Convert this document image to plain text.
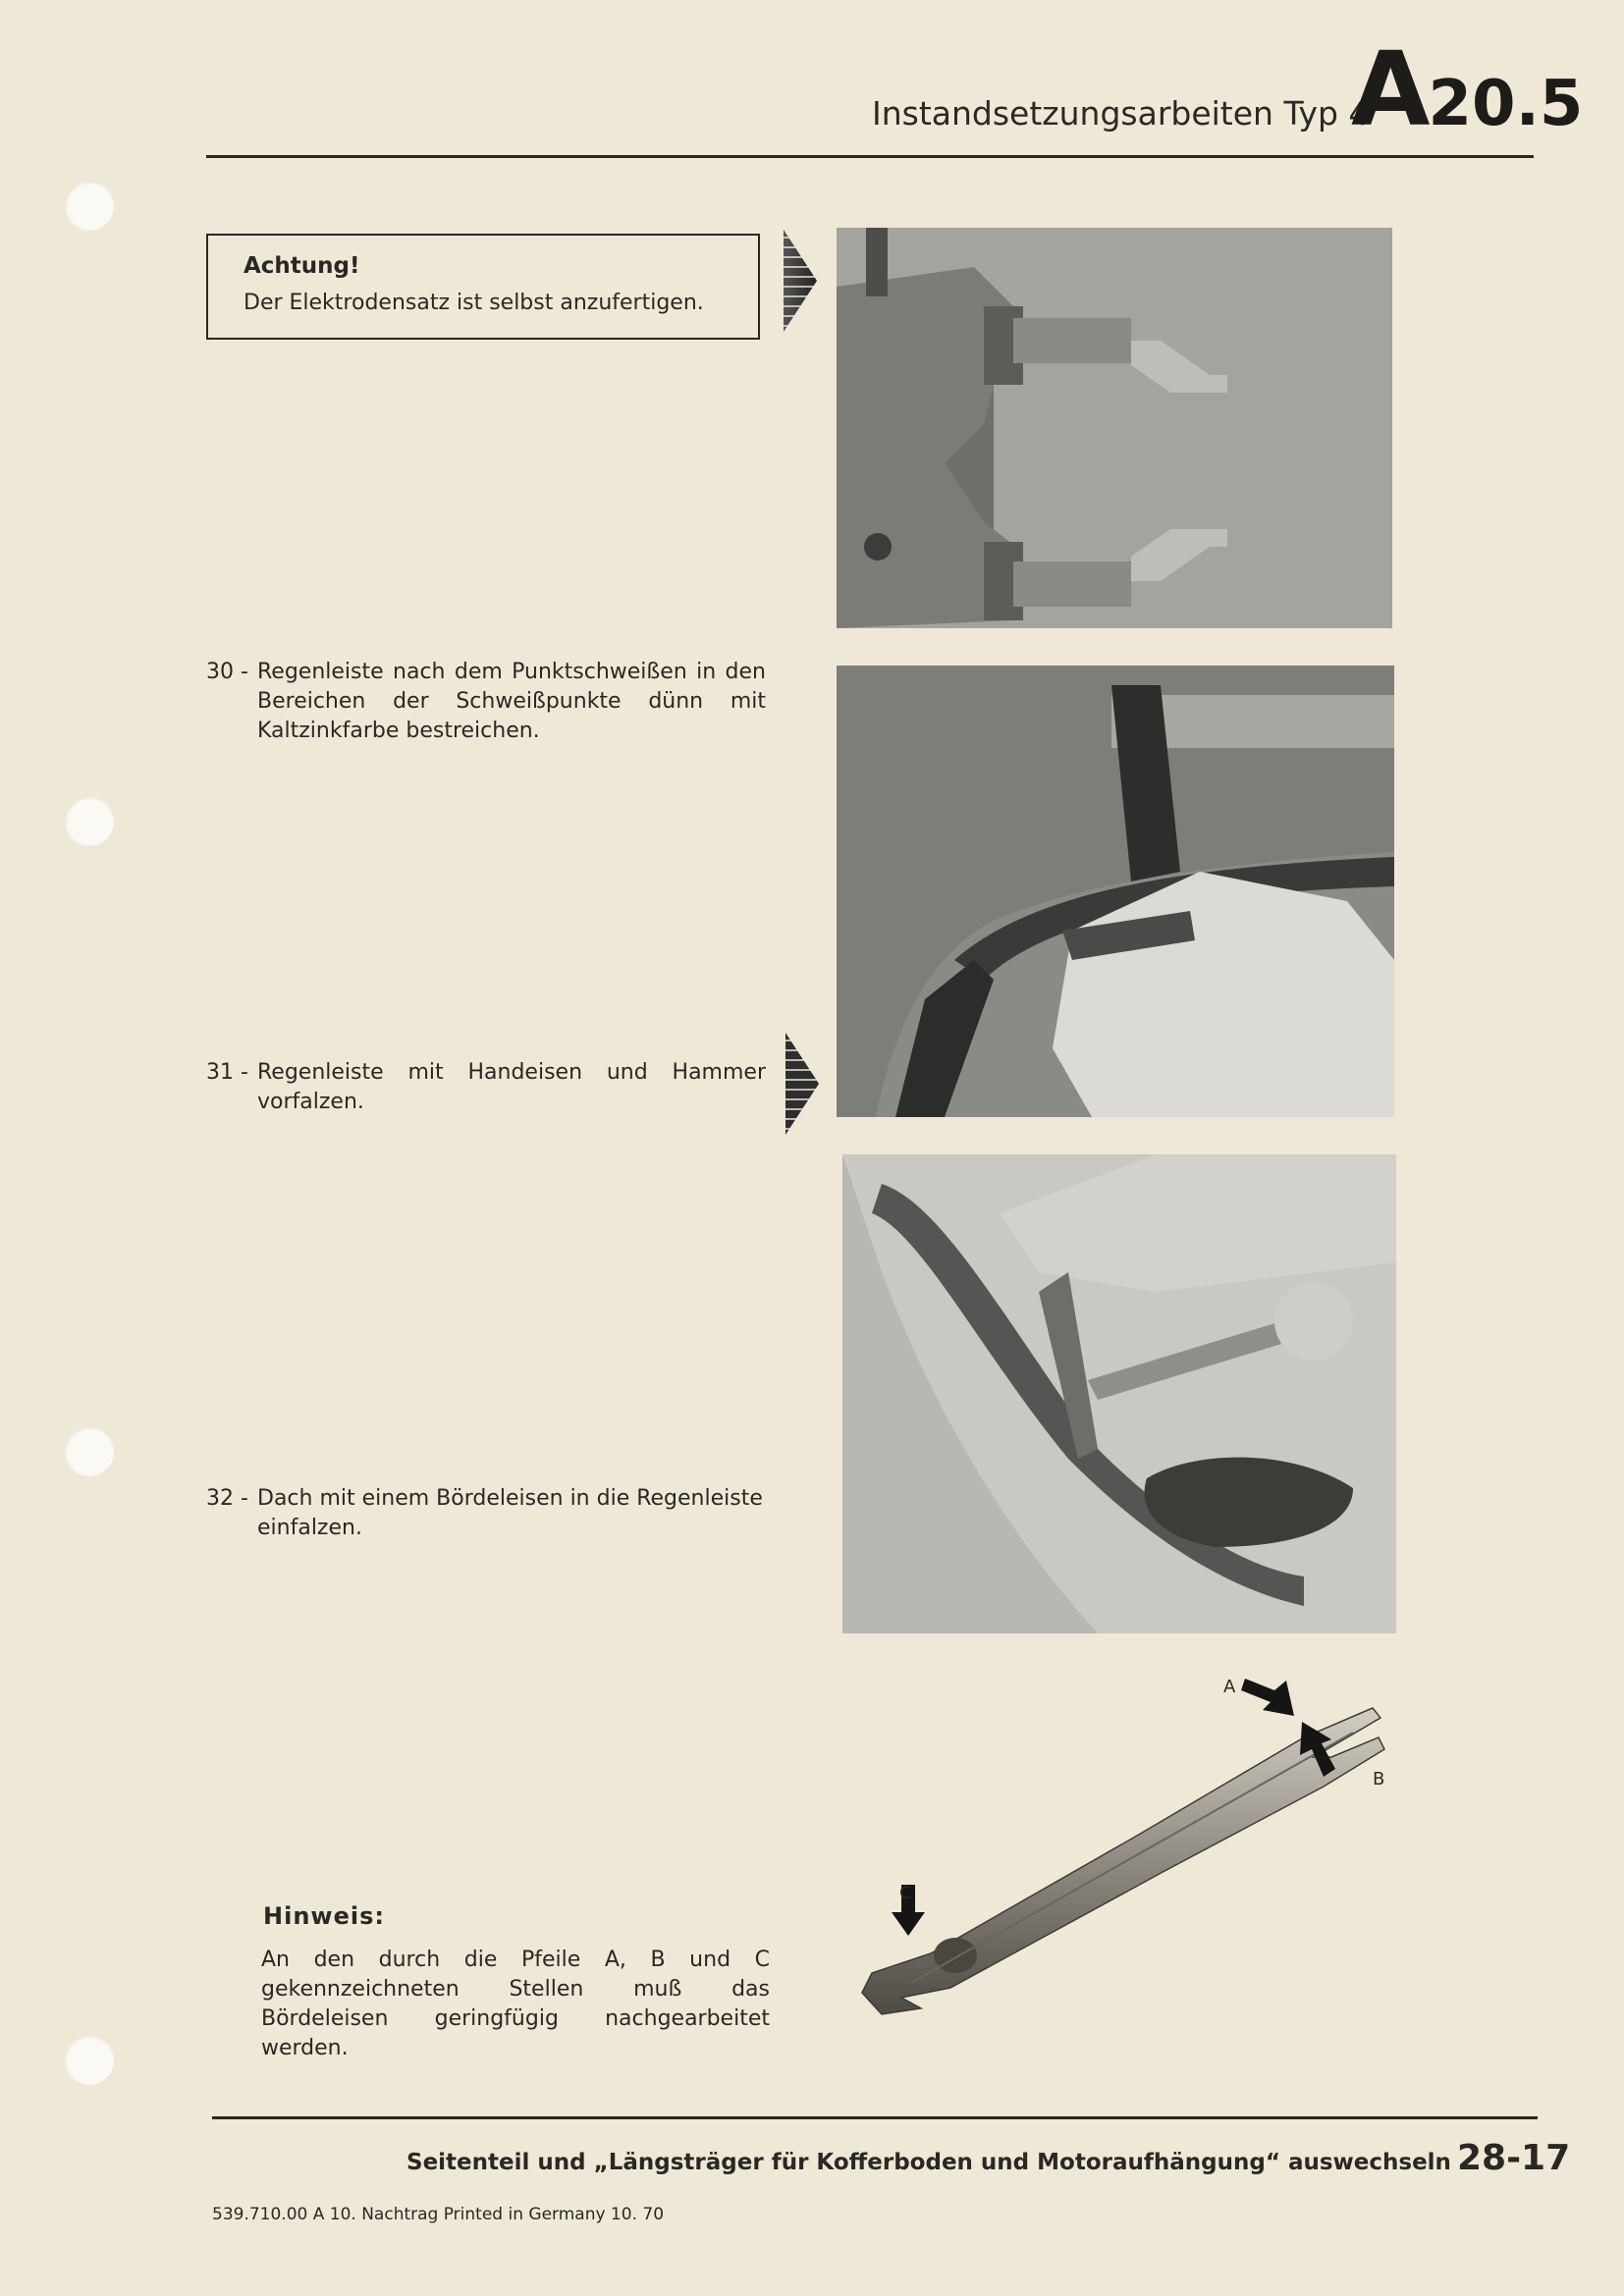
Instandsetzungsarbeiten Typ 4
A20.5
Achtung!
Der Elektrodensatz ist selbst anzufertigen.
30 - Regenleiste nach dem Punktschweißen in den Bereichen der Schweißpunkte dünn mit Kaltzinkfarbe bestreichen.
31 - Regenleiste mit Handeisen und Hammer vorfalzen.
32 - Dach mit einem Bördeleisen in die Regenleiste einfalzen.
A
B
C
Hinweis:
An den durch die Pfeile A, B und C gekennzeichneten Stellen muß das Bördeleisen geringfügig nachgearbeitet werden.
Seitenteil und „Längsträger für Kofferboden und Motoraufhängung“ auswechseln 28-17
539.710.00 A 10. Nachtrag Printed in Germany 10. 70
